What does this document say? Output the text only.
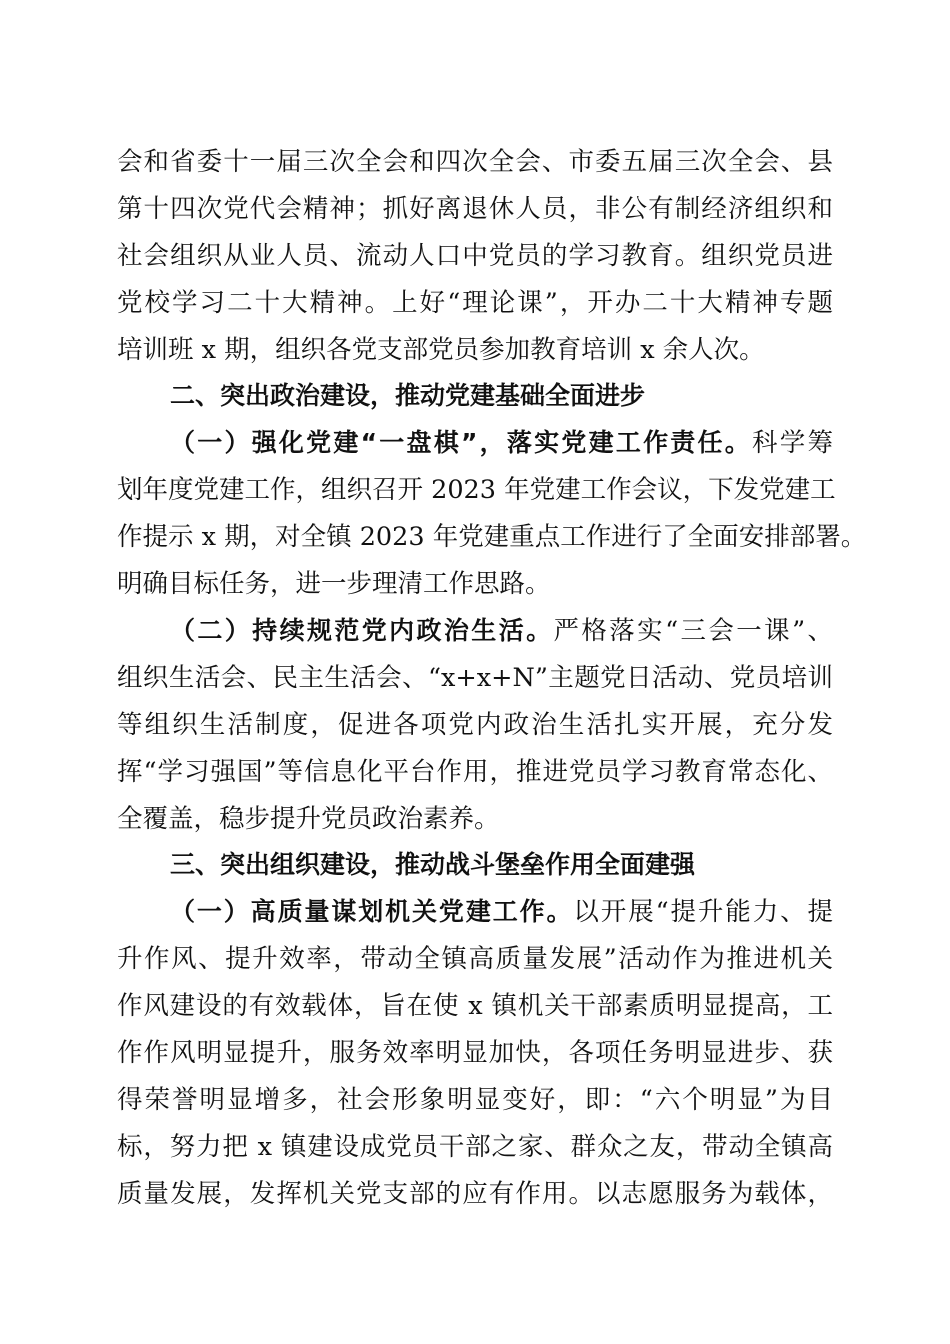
会和省委十一届三次全会和四次全会、市委五届三次全会、县
第十四次党代会精神；抓好离退休人员，非公有制经济组织和
社会组织从业人员、流动人口中党员的学习教育。组织党员进
党校学习二十大精神。上好“理论课”，开办二十大精神专题
培训班 x 期，组织各党支部党员参加教育培训 x 余人次。
二、突出政治建设，推动党建基础全面进步
（一）强化党建“一盘棋”，落实党建工作责任。科学筹
划年度党建工作，组织召开 2023 年党建工作会议，下发党建工
作提示 x 期，对全镇 2023 年党建重点工作进行了全面安排部署。
明确目标任务，进一步理清工作思路。
（二）持续规范党内政治生活。严格落实“三会一课”、
组织生活会、民主生活会、“x+x+N”主题党日活动、党员培训
等组织生活制度，促进各项党内政治生活扎实开展，充分发
挥“学习强国”等信息化平台作用，推进党员学习教育常态化、
全覆盖，稳步提升党员政治素养。
三、突出组织建设，推动战斗堡垒作用全面建强
（一）高质量谋划机关党建工作。以开展“提升能力、提
升作风、提升效率，带动全镇高质量发展”活动作为推进机关
作风建设的有效载体，旨在使 x 镇机关干部素质明显提高，工
作作风明显提升，服务效率明显加快，各项任务明显进步、获
得荣誉明显增多，社会形象明显变好，即：“六个明显”为目
标，努力把 x 镇建设成党员干部之家、群众之友，带动全镇高
质量发展，发挥机关党支部的应有作用。以志愿服务为载体，
